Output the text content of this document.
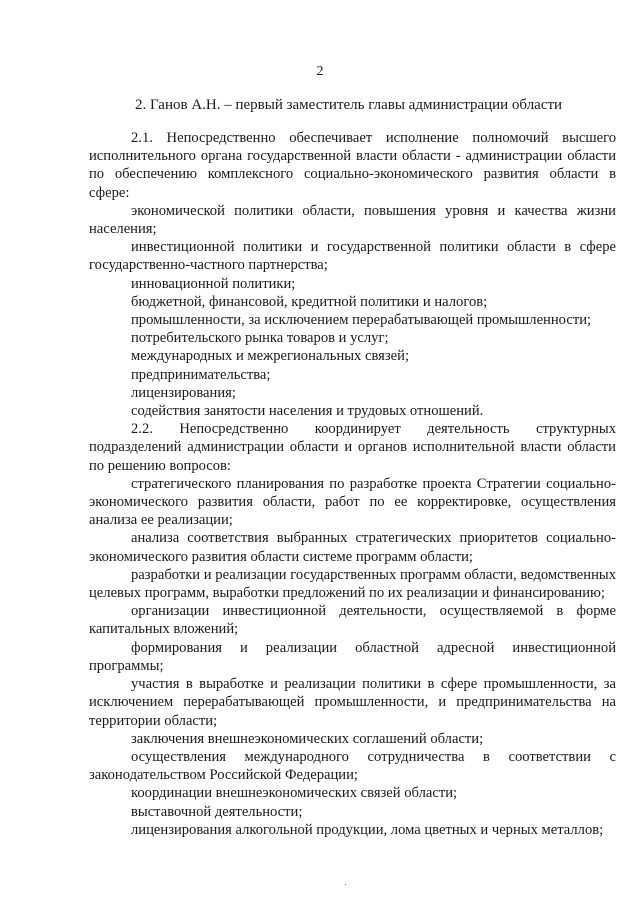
2
2. Ганов А.Н. – первый заместитель главы администрации области

2.1. Непосредственно обеспечивает исполнение полномочий высшего исполнительного органа государственной власти области - администрации области по обеспечению комплексного социально-экономического развития области в сфере:

экономической политики области, повышения уровня и качества жизни населения;

инвестиционной политики и государственной политики области в сфере государственно-частного партнерства;

инновационной политики;

бюджетной, финансовой, кредитной политики и налогов;

промышленности, за исключением перерабатывающей промышленности;

потребительского рынка товаров и услуг;

международных и межрегиональных связей;

предпринимательства;

лицензирования;

содействия занятости населения и трудовых отношений.

2.2. Непосредственно координирует деятельность структурных подразделений администрации области и органов исполнительной власти области по решению вопросов:

стратегического планирования по разработке проекта Стратегии социально-экономического развития области, работ по ее корректировке, осуществления анализа ее реализации;

анализа соответствия выбранных стратегических приоритетов социально-экономического развития области системе программ области;

разработки и реализации государственных программ области, ведомственных целевых программ, выработки предложений по их реализации и финансированию;

организации инвестиционной деятельности, осуществляемой в форме капитальных вложений;

формирования и реализации областной адресной инвестиционной программы;

участия в выработке и реализации политики в сфере промышленности, за исключением перерабатывающей промышленности, и предпринимательства на территории области;

заключения внешнеэкономических соглашений области;

осуществления международного сотрудничества в соответствии с законодательством Российской Федерации;

координации внешнеэкономических связей области;

выставочной деятельности;

лицензирования алкогольной продукции, лома цветных и черных металлов;
